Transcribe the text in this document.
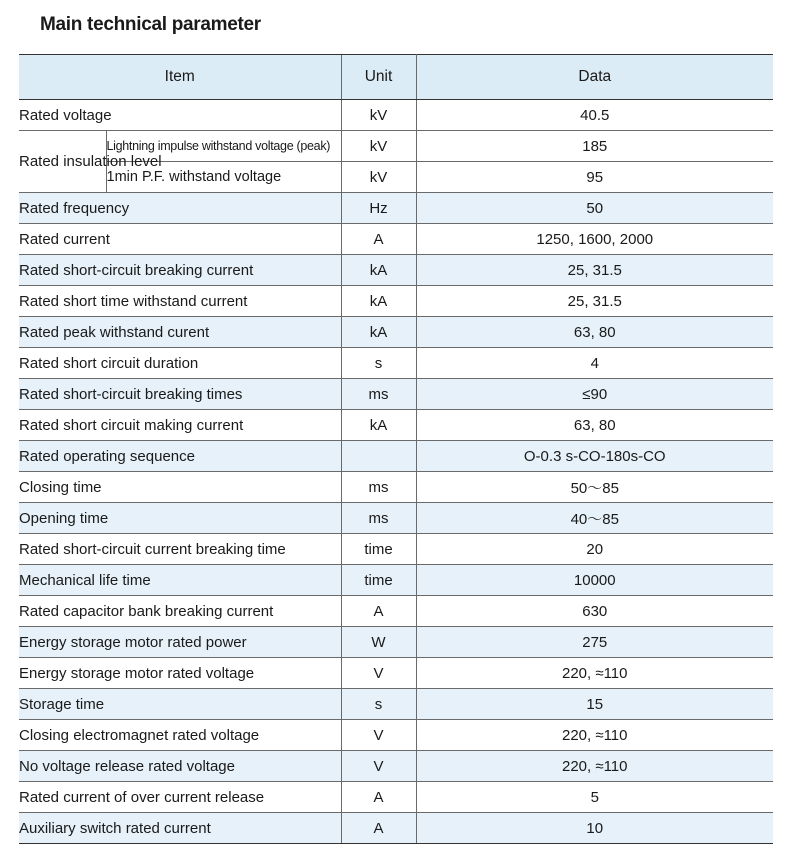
Main technical parameter
Item		Unit	Data
Rated voltage		kV	40.5
Rated insulation level	Lightning impulse withstand voltage (peak)	kV	185
	1min P.F. withstand voltage	kV	95
Rated frequency		Hz	50
Rated current		A	1250, 1600, 2000
Rated short-circuit breaking current		kA	25, 31.5
Rated short time withstand current		kA	25, 31.5
Rated peak withstand curent		kA	63, 80
Rated short circuit duration		s	4
Rated short-circuit breaking times		ms	≤90
Rated short circuit making current		kA	63, 80
Rated operating sequence			O-0.3 s-CO-180s-CO
Closing time		ms	50～85
Opening time		ms	40～85
Rated short-circuit current breaking time		time	20
Mechanical life time		time	10000
Rated capacitor bank breaking current		A	630
Energy storage motor rated power		W	275
Energy storage motor rated voltage		V	220, ≈110
Storage time		s	15
Closing electromagnet rated voltage		V	220, ≈110
No voltage release rated voltage		V	220, ≈110
Rated current of over current release		A	5
Auxiliary switch rated current		A	10
